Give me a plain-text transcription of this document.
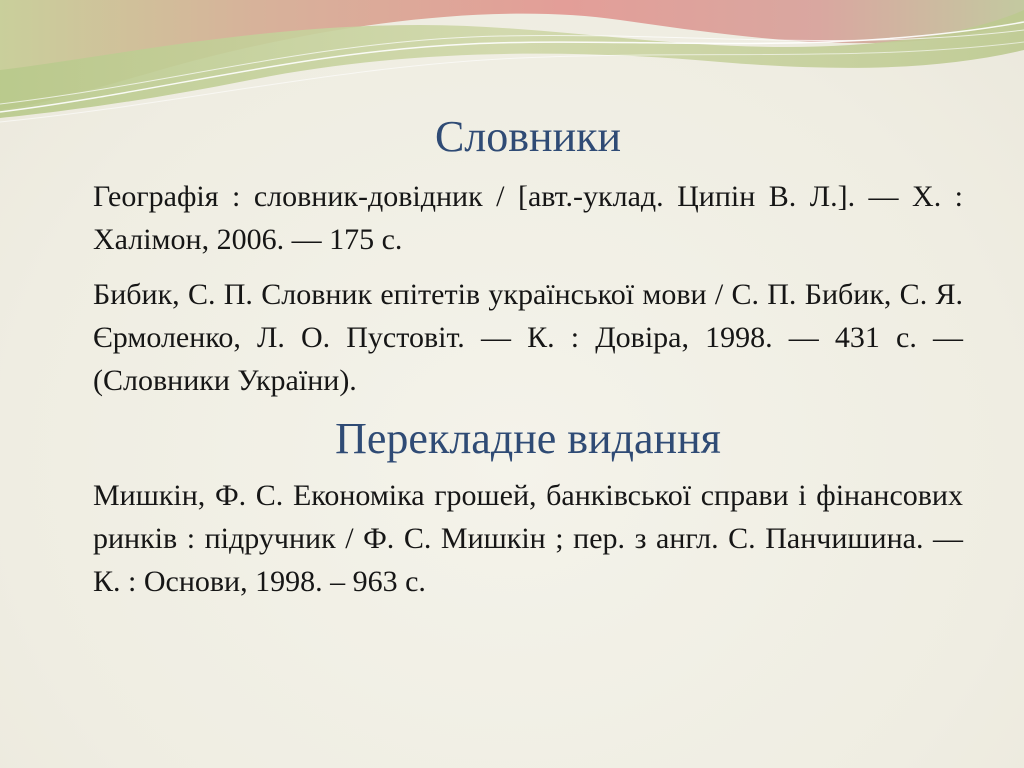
Словники

Географія : словник-довідник / [авт.-уклад. Ципін В. Л.]. — Х. : Халімон, 2006. — 175 с.

Бибик, С. П. Словник епітетів української мови / С. П. Бибик, С. Я. Єрмоленко, Л. О. Пустовіт. — К. : Довіра, 1998. — 431 с. — (Словники України).

Перекладне видання

Мишкін, Ф. С. Економіка грошей, банківської справи і фінансових ринків : підручник / Ф. С. Мишкін ; пер. з англ. С. Панчишина. — К. : Основи, 1998. – 963 с.
